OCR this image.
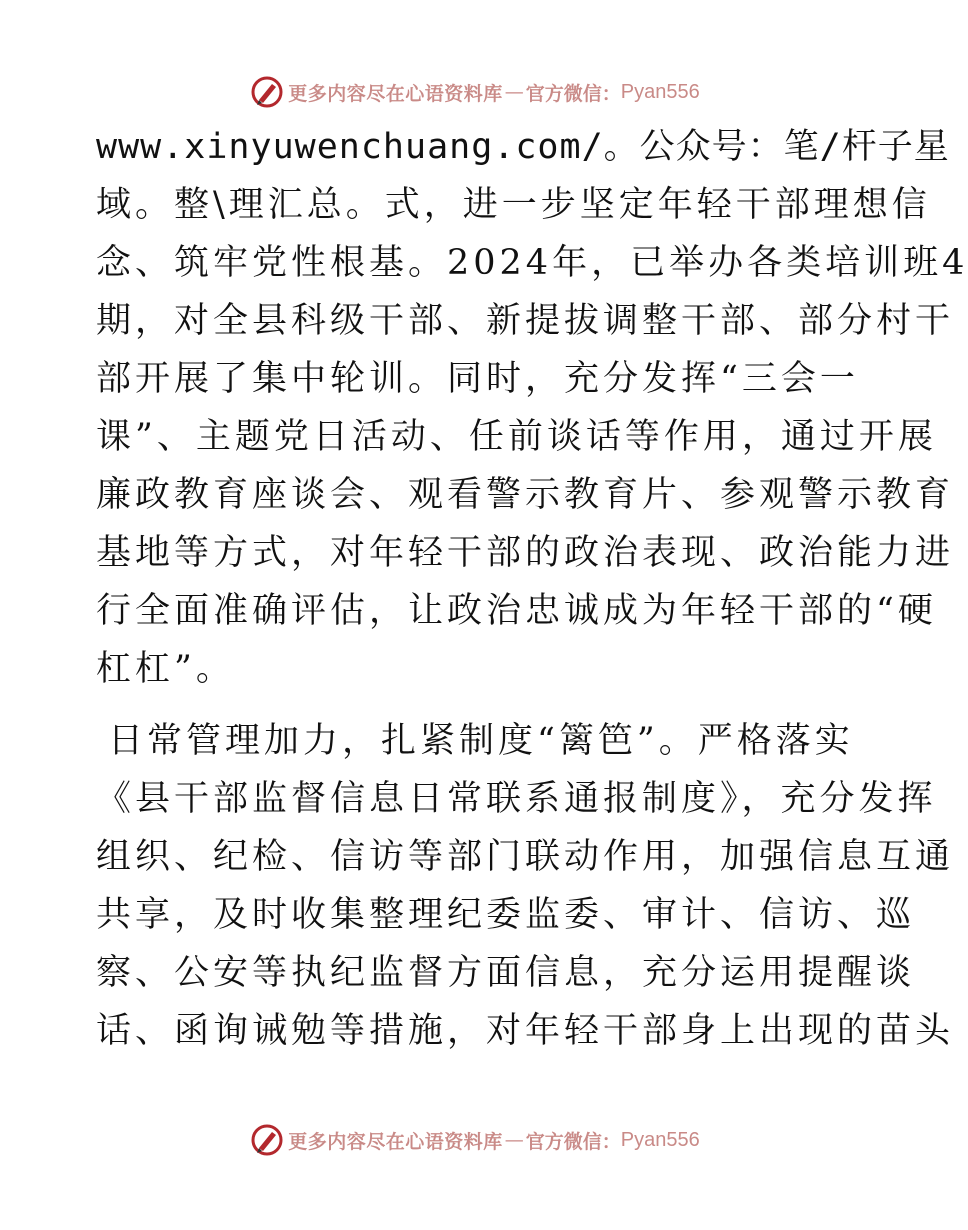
更多内容尽在心语资料库 — 官方微信： Pyan556
www.xinyuwenchuang.com/。公众号：笔/杆子星
域。整\理汇总。式，进一步坚定年轻干部理想信
念、筑牢党性根基。2024年，已举办各类培训班4
期，对全县科级干部、新提拔调整干部、部分村干
部开展了集中轮训。同时，充分发挥“三会一
课”、主题党日活动、任前谈话等作用，通过开展
廉政教育座谈会、观看警示教育片、参观警示教育
基地等方式，对年轻干部的政治表现、政治能力进
行全面准确评估，让政治忠诚成为年轻干部的“硬
杠杠”。
日常管理加力，扎紧制度“篱笆”。严格落实
《县干部监督信息日常联系通报制度》，充分发挥
组织、纪检、信访等部门联动作用，加强信息互通
共享，及时收集整理纪委监委、审计、信访、巡
察、公安等执纪监督方面信息，充分运用提醒谈
话、函询诫勉等措施，对年轻干部身上出现的苗头
更多内容尽在心语资料库 — 官方微信： Pyan556
